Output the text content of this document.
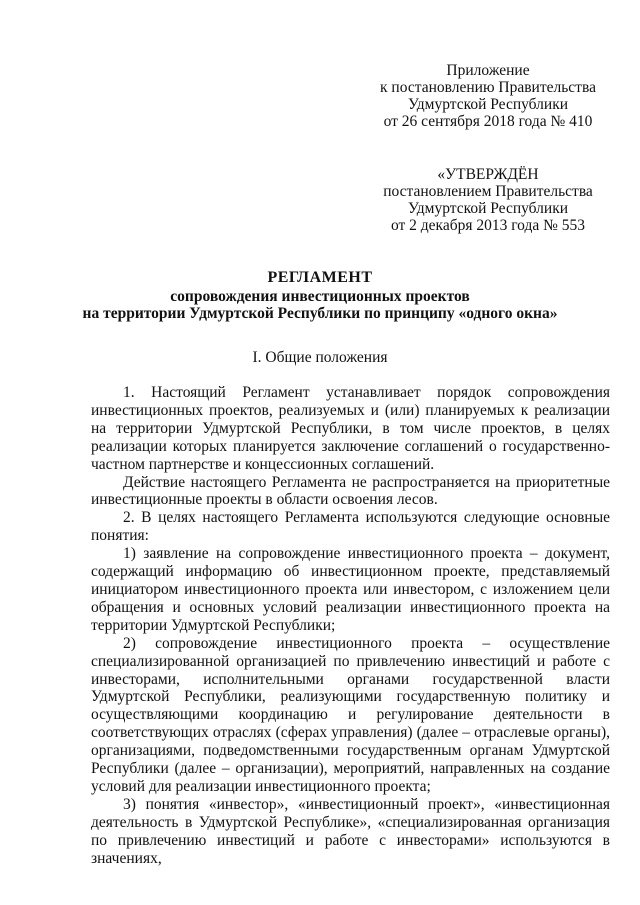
Приложение
к постановлению Правительства
Удмуртской Республики
от 26 сентября 2018 года № 410
«УТВЕРЖДЁН
постановлением Правительства
Удмуртской Республики
от 2 декабря 2013 года № 553
РЕГЛАМЕНТ
сопровождения инвестиционных проектов
на территории Удмуртской Республики по принципу «одного окна»
I. Общие положения

1. Настоящий Регламент устанавливает порядок сопровождения инвестиционных проектов, реализуемых и (или) планируемых к реализации на территории Удмуртской Республики, в том числе проектов, в целях реализации которых планируется заключение соглашений о государственно-частном партнерстве и концессионных соглашений.

Действие настоящего Регламента не распространяется на приоритетные инвестиционные проекты в области освоения лесов.

2. В целях настоящего Регламента используются следующие основные понятия:

1) заявление на сопровождение инвестиционного проекта – документ, содержащий информацию об инвестиционном проекте, представляемый инициатором инвестиционного проекта или инвестором, с изложением цели обращения и основных условий реализации инвестиционного проекта на территории Удмуртской Республики;

2) сопровождение инвестиционного проекта – осуществление специализированной организацией по привлечению инвестиций и работе с инвесторами, исполнительными органами государственной власти Удмуртской Республики, реализующими государственную политику и осуществляющими координацию и регулирование деятельности в соответствующих отраслях (сферах управления) (далее – отраслевые органы), организациями, подведомственными государственным органам Удмуртской Республики (далее – организации), мероприятий, направленных на создание условий для реализации инвестиционного проекта;

3) понятия «инвестор», «инвестиционный проект», «инвестиционная деятельность в Удмуртской Республике», «специализированная организация по привлечению инвестиций и работе с инвесторами» используются в значениях,
